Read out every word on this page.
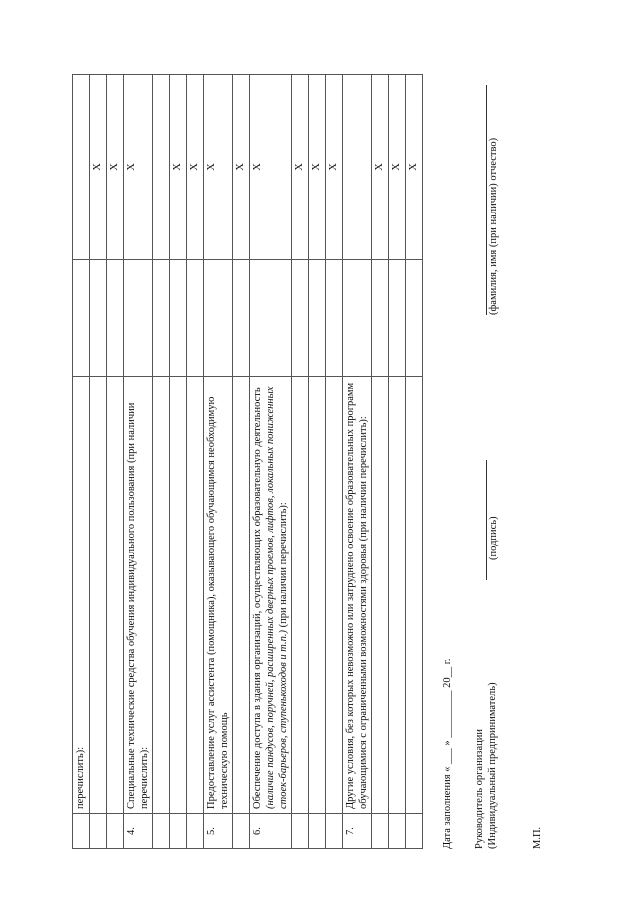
	перечислить):		
			X
			X
4.	Специальные технические средства обучения индивидуального пользования (при наличии перечислить):		X

			X
			X
5.	Предоставление услуг ассистента (помощника), оказывающего обучающимся необходимую техническую помощь		X
			X
6.	Обеспечение доступа в здания организаций, осуществляющих образовательную деятельность (наличие пандусов, поручней, расширенных дверных проемов, лифтов, локальных пониженных стоек-барьеров, ступенькоходов и т.п.) (при наличии перечислить):		X
			X
			X
			X
7.	Другие условия, без которых невозможно или затруднено освоение образовательных программ обучающимися с ограниченными возможностями здоровья (при наличии перечислить):		
			X
			X
			X
Дата заполнения « ___ » _________ 20__ г. Руководитель организации (Индивидуальный предприниматель)
(подпись)
(фамилия, имя (при наличии) отчество)
М.П.
